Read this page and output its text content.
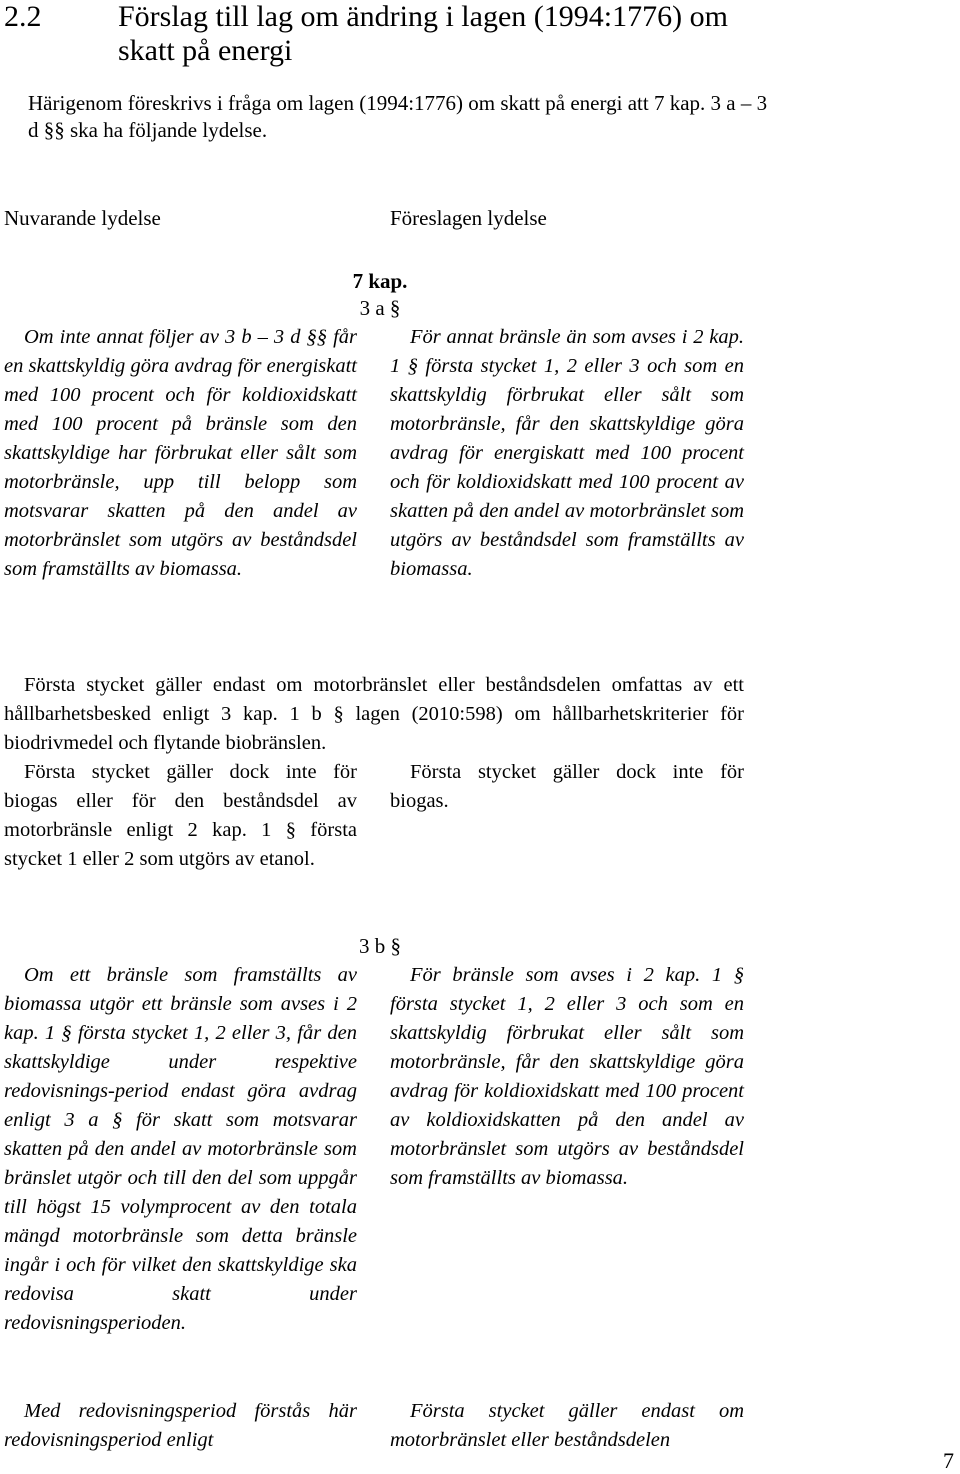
2.2	Förslag till lag om ändring i lagen (1994:1776) om skatt på energi

Härigenom föreskrivs i fråga om lagen (1994:1776) om skatt på energi att 7 kap. 3 a – 3 d §§ ska ha följande lydelse.

Nuvarande lydelse	Föreslagen lydelse
7 kap.
3 a §

Om inte annat följer av 3 b – 3 d §§ får en skattskyldig göra avdrag för energiskatt med 100 procent och för koldioxidskatt med 100 procent på bränsle som den skattskyldige har förbrukat eller sålt som motorbränsle, upp till belopp som motsvarar skatten på den andel av motorbränslet som utgörs av beståndsdel som framställts av biomassa.

För annat bränsle än som avses i 2 kap. 1 § första stycket 1, 2 eller 3 och som en skattskyldig förbrukat eller sålt som motorbränsle, får den skattskyldige göra avdrag för energiskatt med 100 procent och för koldioxidskatt med 100 procent av skatten på den andel av motorbränslet som utgörs av beståndsdel som framställts av biomassa.

Första stycket gäller endast om motorbränslet eller beståndsdelen omfattas av ett hållbarhetsbesked enligt 3 kap. 1 b § lagen (2010:598) om hållbarhetskriterier för biodrivmedel och flytande biobränslen.

Första stycket gäller dock inte för biogas eller för den beståndsdel av motorbränsle enligt 2 kap. 1 § första stycket 1 eller 2 som utgörs av etanol.

Första stycket gäller dock inte för biogas.

3 b §

Om ett bränsle som framställts av biomassa utgör ett bränsle som avses i 2 kap. 1 § första stycket 1, 2 eller 3, får den skattskyldige under respektive redovisnings-period endast göra avdrag enligt 3 a § för skatt som motsvarar skatten på den andel av motorbränsle som bränslet utgör och till den del som uppgår till högst 15 volymprocent av den totala mängd motorbränsle som detta bränsle ingår i och för vilket den skattskyldige ska redovisa skatt under redovisningsperioden.

För bränsle som avses i 2 kap. 1 § första stycket 1, 2 eller 3 och som en skattskyldig förbrukat eller sålt som motorbränsle, får den skattskyldige göra avdrag för koldioxidskatt med 100 procent av koldioxidskatten på den andel av motorbränslet som utgörs av beståndsdel som framställts av biomassa.

Med redovisningsperiod förstås här redovisningsperiod enligt

Första stycket gäller endast om motorbränslet eller beståndsdelen

7
